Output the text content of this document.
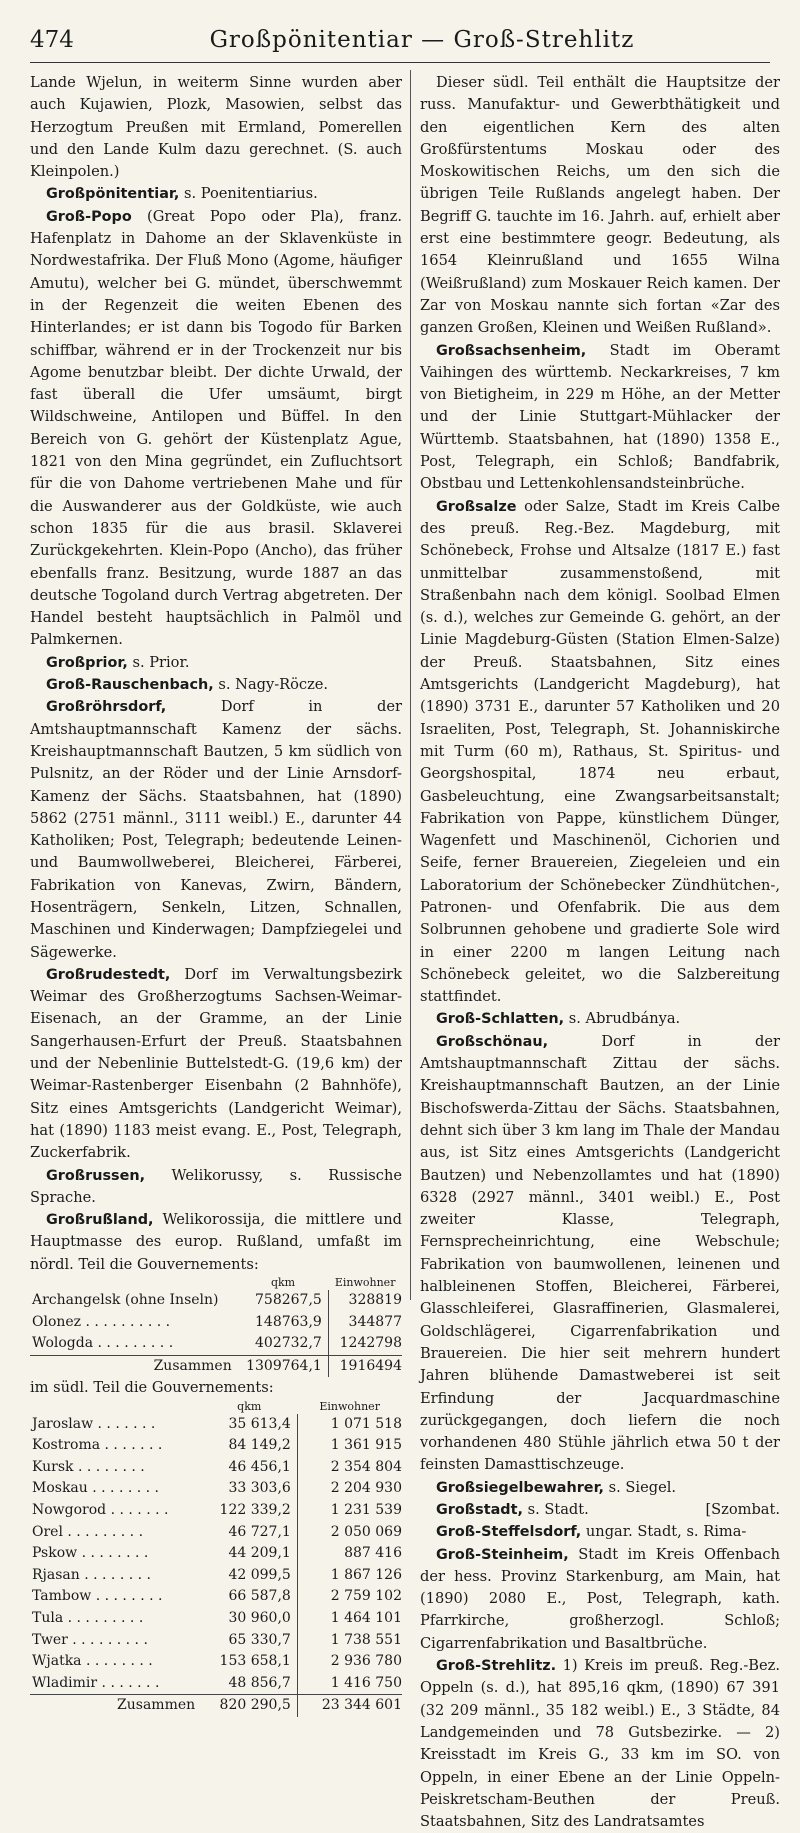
474	Großpönitentiar — Groß-Strehlitz

Lande Wjelun, in weiterm Sinne wurden aber auch Kujawien, Plozk, Masowien, selbst das Herzogtum Preußen mit Ermland, Pomerellen und den Lande Kulm dazu gerechnet. (S. auch Kleinpolen.)

Großpönitentiar, s. Poenitentiarius.

Groß-Popo (Great Popo oder Pla), franz. Hafenplatz in Dahome an der Sklavenküste in Nordwestafrika. Der Fluß Mono (Agome, häufiger Amutu), welcher bei G. mündet, überschwemmt in der Regenzeit die weiten Ebenen des Hinterlandes; er ist dann bis Togodo für Barken schiffbar, während er in der Trockenzeit nur bis Agome benutzbar bleibt. Der dichte Urwald, der fast überall die Ufer umsäumt, birgt Wildschweine, Antilopen und Büffel. In den Bereich von G. gehört der Küstenplatz Ague, 1821 von den Mina gegründet, ein Zufluchtsort für die von Dahome vertriebenen Mahe und für die Auswanderer aus der Goldküste, wie auch schon 1835 für die aus brasil. Sklaverei Zurückgekehrten. Klein-Popo (Ancho), das früher ebenfalls franz. Besitzung, wurde 1887 an das deutsche Togoland durch Vertrag abgetreten. Der Handel besteht hauptsächlich in Palmöl und Palmkernen.

Großprior, s. Prior.

Groß-Rauschenbach, s. Nagy-Röcze.

Großröhrsdorf, Dorf in der Amtshauptmannschaft Kamenz der sächs. Kreishauptmannschaft Bautzen, 5 km südlich von Pulsnitz, an der Röder und der Linie Arnsdorf-Kamenz der Sächs. Staatsbahnen, hat (1890) 5862 (2751 männl., 3111 weibl.) E., darunter 44 Katholiken; Post, Telegraph; bedeutende Leinen- und Baumwollweberei, Bleicherei, Färberei, Fabrikation von Kanevas, Zwirn, Bändern, Hosenträgern, Senkeln, Litzen, Schnallen, Maschinen und Kinderwagen; Dampfziegelei und Sägewerke.

Großrudestedt, Dorf im Verwaltungsbezirk Weimar des Großherzogtums Sachsen-Weimar-Eisenach, an der Gramme, an der Linie Sangerhausen-Erfurt der Preuß. Staatsbahnen und der Nebenlinie Buttelstedt-G. (19,6 km) der Weimar-Rastenberger Eisenbahn (2 Bahnhöfe), Sitz eines Amtsgerichts (Landgericht Weimar), hat (1890) 1183 meist evang. E., Post, Telegraph, Zuckerfabrik.

Großrussen, Welikorussy, s. Russische Sprache.

Großrußland, Welikorossija, die mittlere und Hauptmasse des europ. Rußland, umfaßt im nördl. Teil die Gouvernements:

	qkm	Einwohner
Archangelsk (ohne Inseln)	758267,5	328819
Olonez . . . . . . . . . .	148763,9	344877
Wologda . . . . . . . . .	402732,7	1242798
Zusammen	1309764,1	1916494

im südl. Teil die Gouvernements:

	qkm	Einwohner
Jaroslaw . . . . . . .	35 613,4	1 071 518
Kostroma . . . . . . .	84 149,2	1 361 915
Kursk . . . . . . . .	46 456,1	2 354 804
Moskau . . . . . . . .	33 303,6	2 204 930
Nowgorod . . . . . . .	122 339,2	1 231 539
Orel . . . . . . . . .	46 727,1	2 050 069
Pskow . . . . . . . .	44 209,1	887 416
Rjasan . . . . . . . .	42 099,5	1 867 126
Tambow . . . . . . . .	66 587,8	2 759 102
Tula . . . . . . . . .	30 960,0	1 464 101
Twer . . . . . . . . .	65 330,7	1 738 551
Wjatka . . . . . . . .	153 658,1	2 936 780
Wladimir . . . . . . .	48 856,7	1 416 750
Zusammen	820 290,5	23 344 601

Dieser südl. Teil enthält die Hauptsitze der russ. Manufaktur- und Gewerbthätigkeit und den eigentlichen Kern des alten Großfürstentums Moskau oder des Moskowitischen Reichs, um den sich die übrigen Teile Rußlands angelegt haben. Der Begriff G. tauchte im 16. Jahrh. auf, erhielt aber erst eine bestimmtere geogr. Bedeutung, als 1654 Kleinrußland und 1655 Wilna (Weißrußland) zum Moskauer Reich kamen. Der Zar von Moskau nannte sich fortan «Zar des ganzen Großen, Kleinen und Weißen Rußland».

Großsachsenheim, Stadt im Oberamt Vaihingen des württemb. Neckarkreises, 7 km von Bietigheim, in 229 m Höhe, an der Metter und der Linie Stuttgart-Mühlacker der Württemb. Staatsbahnen, hat (1890) 1358 E., Post, Telegraph, ein Schloß; Bandfabrik, Obstbau und Lettenkohlensandsteinbrüche.

Großsalze oder Salze, Stadt im Kreis Calbe des preuß. Reg.-Bez. Magdeburg, mit Schönebeck, Frohse und Altsalze (1817 E.) fast unmittelbar zusammenstoßend, mit Straßenbahn nach dem königl. Soolbad Elmen (s. d.), welches zur Gemeinde G. gehört, an der Linie Magdeburg-Güsten (Station Elmen-Salze) der Preuß. Staatsbahnen, Sitz eines Amtsgerichts (Landgericht Magdeburg), hat (1890) 3731 E., darunter 57 Katholiken und 20 Israeliten, Post, Telegraph, St. Johanniskirche mit Turm (60 m), Rathaus, St. Spiritus- und Georgshospital, 1874 neu erbaut, Gasbeleuchtung, eine Zwangsarbeitsanstalt; Fabrikation von Pappe, künstlichem Dünger, Wagenfett und Maschinenöl, Cichorien und Seife, ferner Brauereien, Ziegeleien und ein Laboratorium der Schönebecker Zündhütchen-, Patronen- und Ofenfabrik. Die aus dem Solbrunnen gehobene und gradierte Sole wird in einer 2200 m langen Leitung nach Schönebeck geleitet, wo die Salzbereitung stattfindet.

Groß-Schlatten, s. Abrudbánya.

Großschönau, Dorf in der Amtshauptmannschaft Zittau der sächs. Kreishauptmannschaft Bautzen, an der Linie Bischofswerda-Zittau der Sächs. Staatsbahnen, dehnt sich über 3 km lang im Thale der Mandau aus, ist Sitz eines Amtsgerichts (Landgericht Bautzen) und Nebenzollamtes und hat (1890) 6328 (2927 männl., 3401 weibl.) E., Post zweiter Klasse, Telegraph, Fernsprecheinrichtung, eine Webschule; Fabrikation von baumwollenen, leinenen und halbleinenen Stoffen, Bleicherei, Färberei, Glasschleiferei, Glasraffinerien, Glasmalerei, Goldschlägerei, Cigarrenfabrikation und Brauereien. Die hier seit mehrern hundert Jahren blühende Damastweberei ist seit Erfindung der Jacquardmaschine zurückgegangen, doch liefern die noch vorhandenen 480 Stühle jährlich etwa 50 t der feinsten Damasttischzeuge.

Großsiegelbewahrer, s. Siegel.

Großstadt, s. Stadt.	[Szombat.

Groß-Steffelsdorf, ungar. Stadt, s. Rima-

Groß-Steinheim, Stadt im Kreis Offenbach der hess. Provinz Starkenburg, am Main, hat (1890) 2080 E., Post, Telegraph, kath. Pfarrkirche, großherzogl. Schloß; Cigarrenfabrikation und Basaltbrüche.

Groß-Strehlitz. 1) Kreis im preuß. Reg.-Bez. Oppeln (s. d.), hat 895,16 qkm, (1890) 67 391 (32 209 männl., 35 182 weibl.) E., 3 Städte, 84 Landgemeinden und 78 Gutsbezirke. — 2) Kreisstadt im Kreis G., 33 km im SO. von Oppeln, in einer Ebene an der Linie Oppeln-Peiskretscham-Beuthen der Preuß. Staatsbahnen, Sitz des Landratsamtes
